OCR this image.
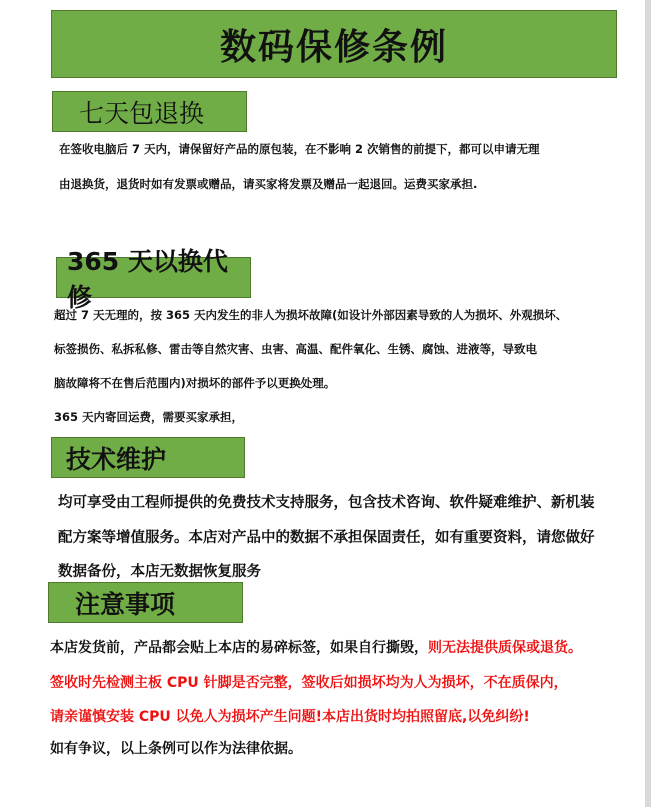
数码保修条例
七天包退换
在签收电脑后 7 天内，请保留好产品的原包装，在不影响 2 次销售的前提下，都可以申请无理
由退换货，退货时如有发票或赠品，请买家将发票及赠品一起退回。运费买家承担.
365 天以换代修
超过 7 天无理的，按 365 天内发生的非人为损坏故障(如设计外部因素导致的人为损坏、外观损坏、
标签损伤、私拆私修、雷击等自然灾害、虫害、高温、配件氧化、生锈、腐蚀、进液等，导致电
脑故障将不在售后范围内)对损坏的部件予以更换处理。
365 天内寄回运费，需要买家承担，
技术维护
均可享受由工程师提供的免费技术支持服务，包含技术咨询、软件疑难维护、新机装
配方案等增值服务。本店对产品中的数据不承担保固责任，如有重要资料，请您做好
数据备份，本店无数据恢复服务
注意事项
本店发货前，产品都会贴上本店的易碎标签，如果自行撕毁，则无法提供质保或退货。
签收时先检测主板 CPU 针脚是否完整，签收后如损坏均为人为损坏，不在质保内，
请亲谨慎安装 CPU 以免人为损坏产生问题!本店出货时均拍照留底,以免纠纷!
如有争议，以上条例可以作为法律依据。
